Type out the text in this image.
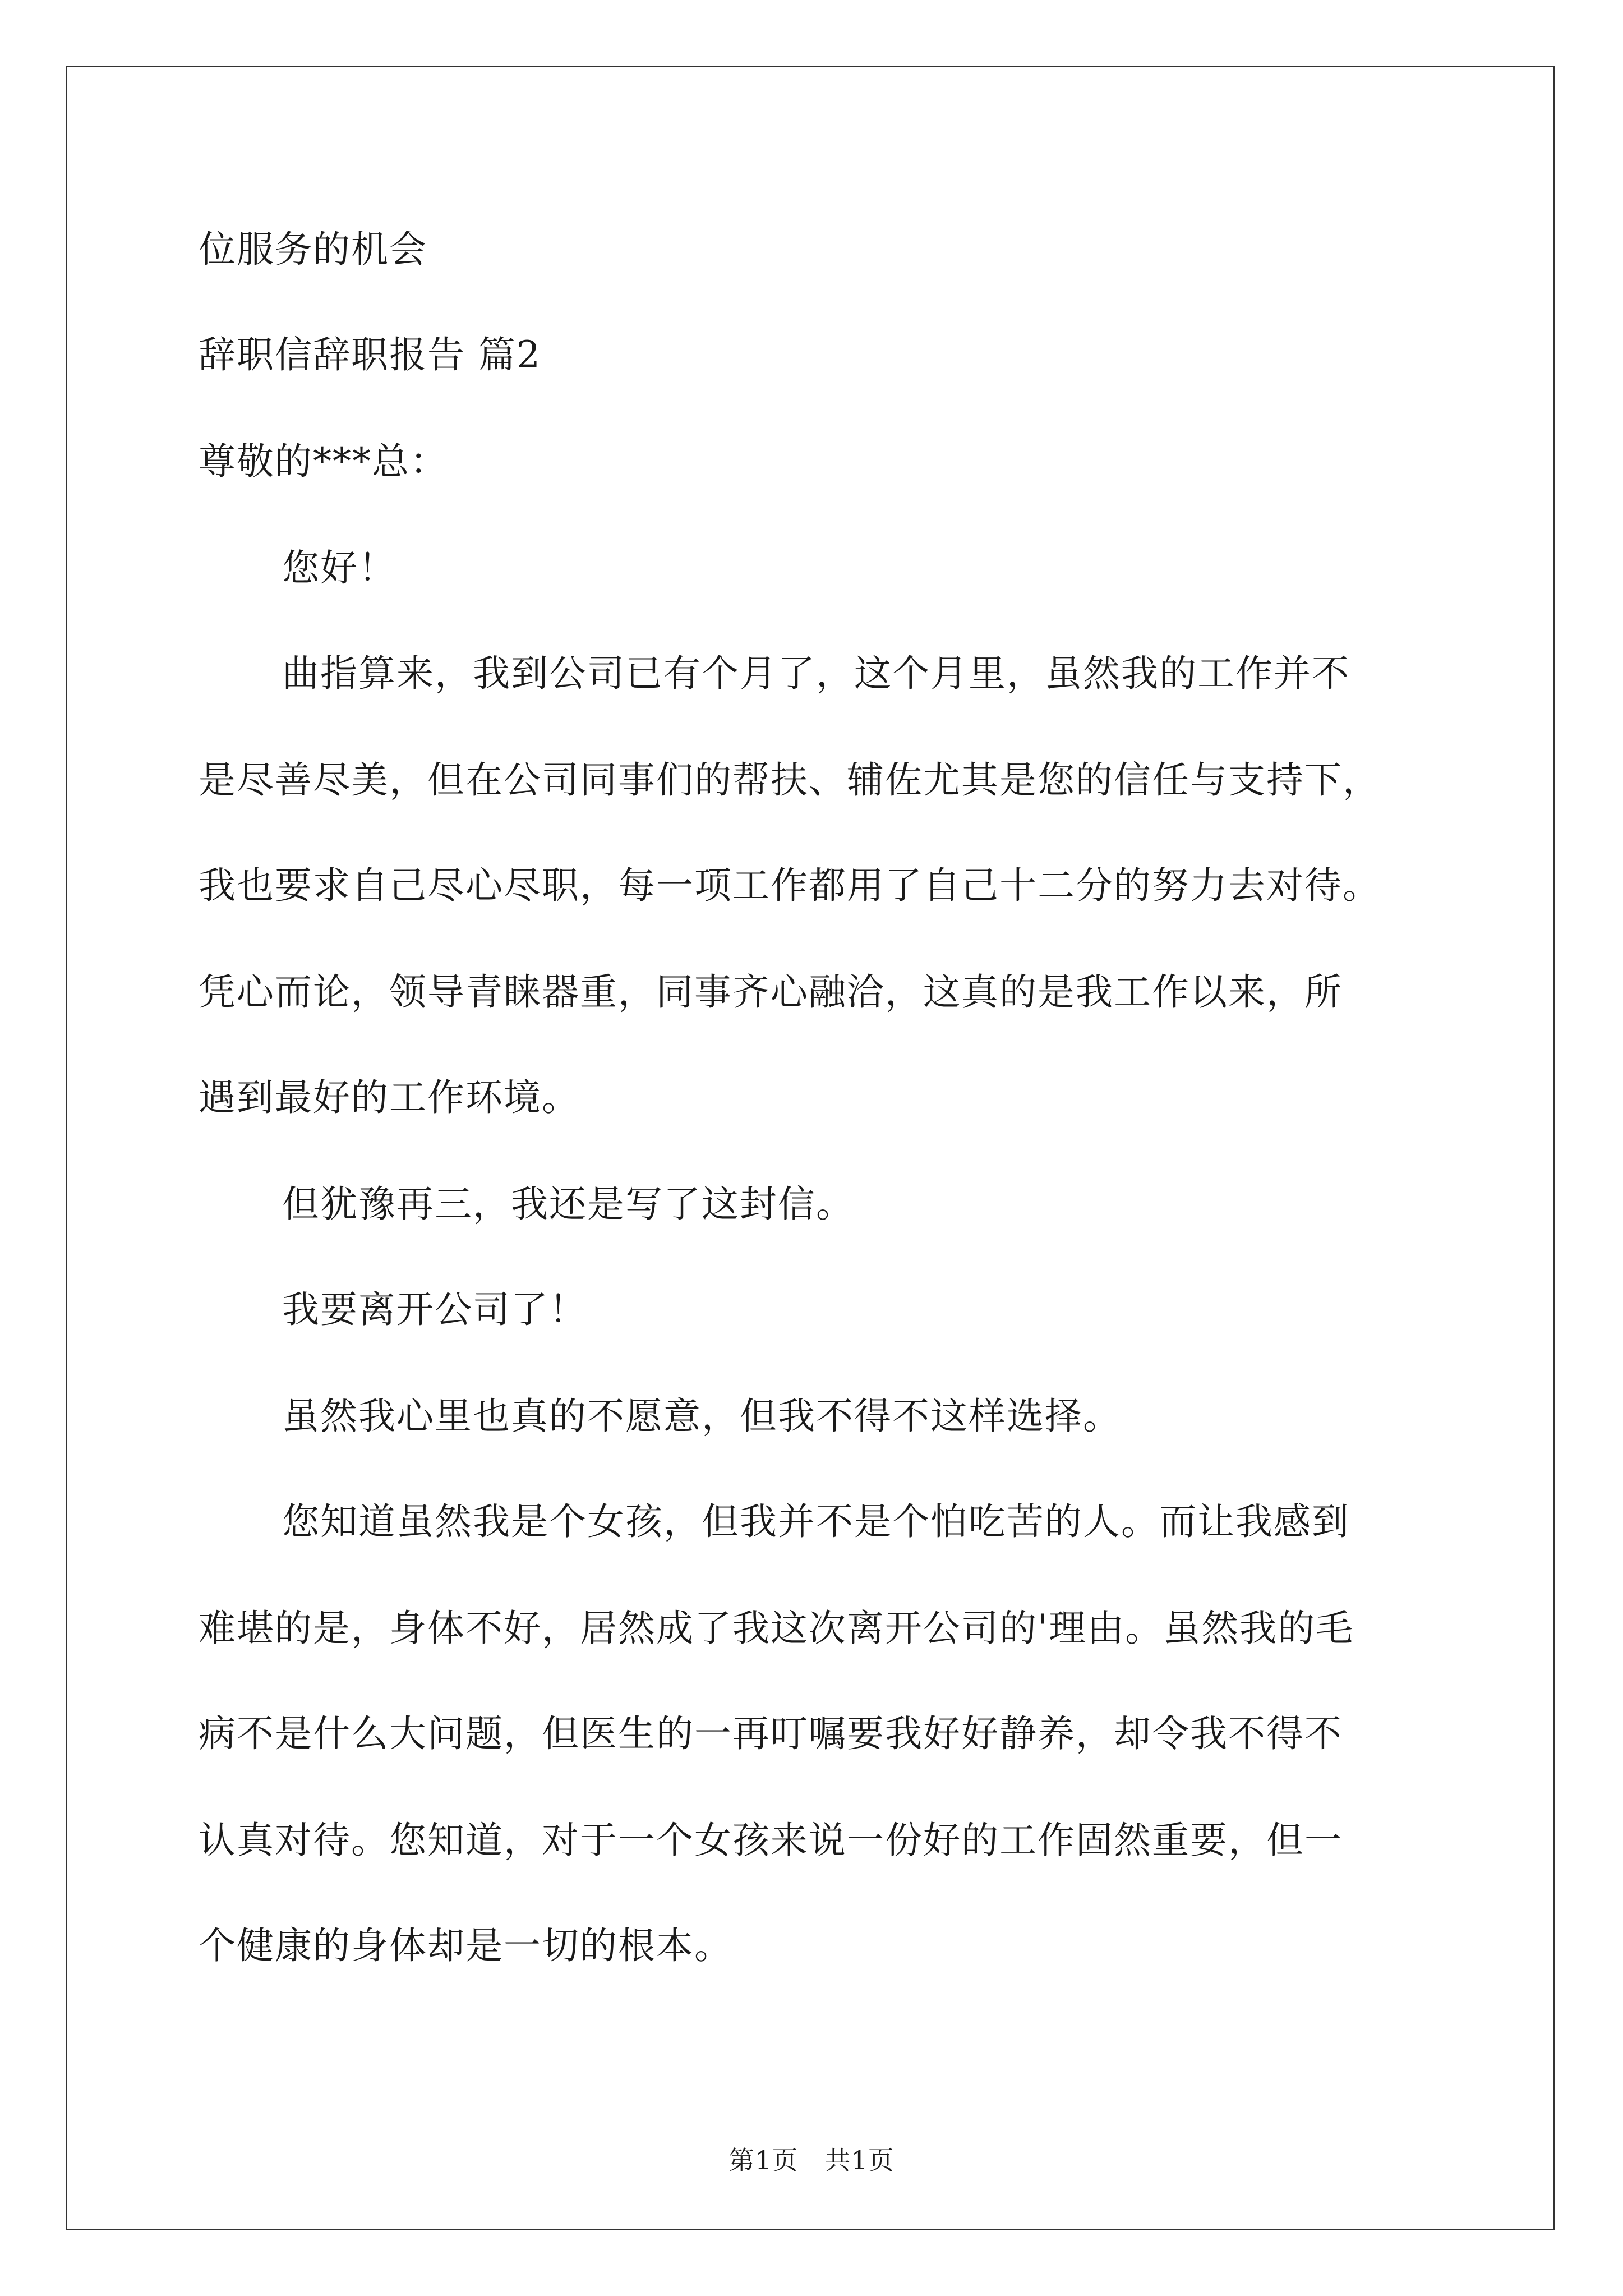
位服务的机会
辞职信辞职报告 篇2
尊敬的***总：
您好！
曲指算来，我到公司已有个月了，这个月里，虽然我的工作并不
是尽善尽美，但在公司同事们的帮扶、辅佐尤其是您的信任与支持下，
我也要求自己尽心尽职，每一项工作都用了自己十二分的努力去对待。
凭心而论，领导青睐器重，同事齐心融洽，这真的是我工作以来，所
遇到最好的工作环境。
但犹豫再三，我还是写了这封信。
我要离开公司了！
虽然我心里也真的不愿意，但我不得不这样选择。
您知道虽然我是个女孩，但我并不是个怕吃苦的人。而让我感到
难堪的是，身体不好，居然成了我这次离开公司的'理由。虽然我的毛
病不是什么大问题，但医生的一再叮嘱要我好好静养，却令我不得不
认真对待。您知道，对于一个女孩来说一份好的工作固然重要，但一
个健康的身体却是一切的根本。
第1页　共1页
